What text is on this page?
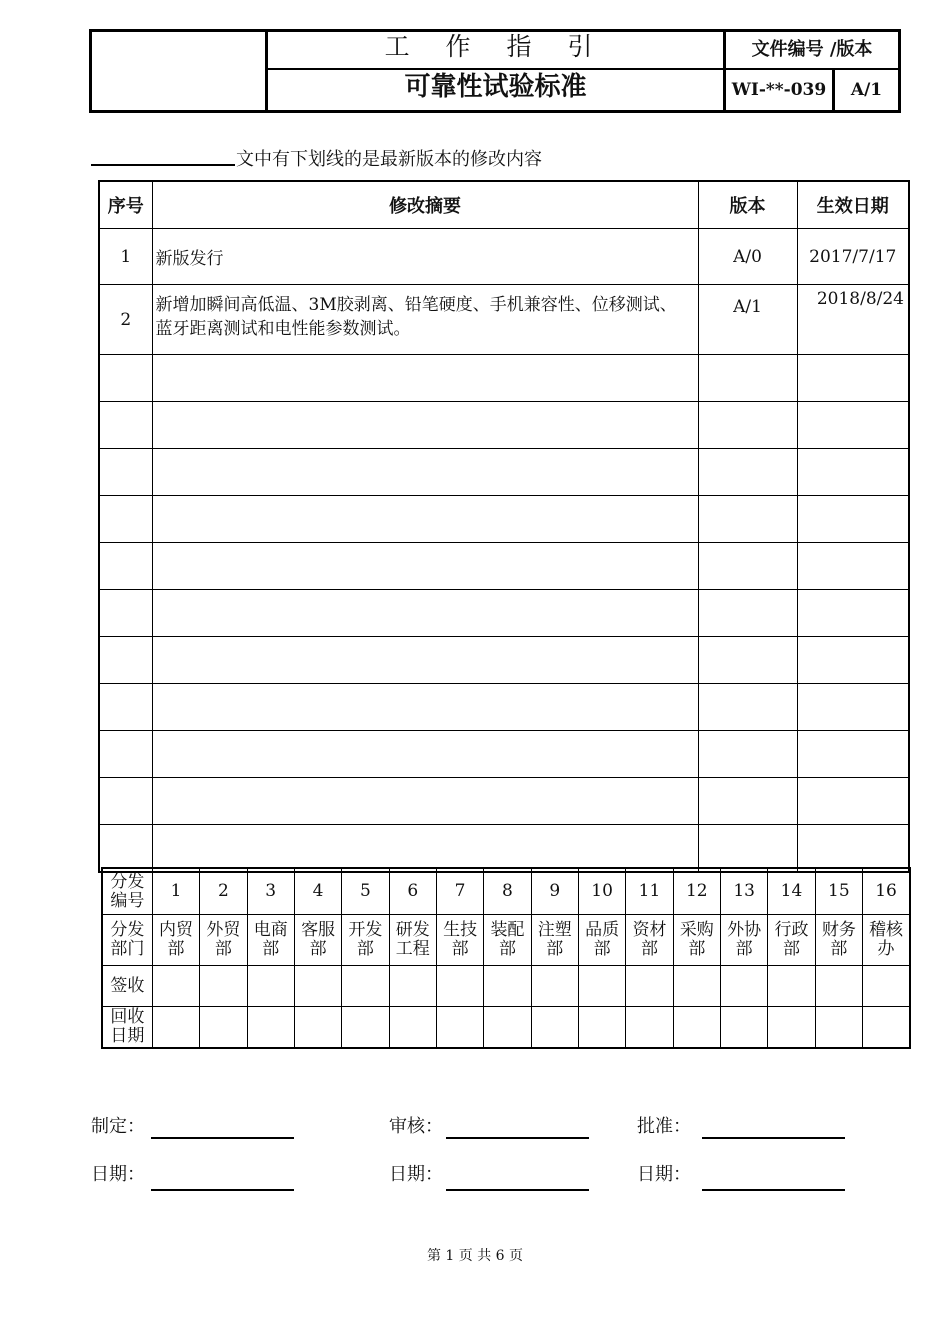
工 作 指 引
可靠性试验标准
文件编号 /版本
WI-**-039	A/1
文中有下划线的是最新版本的修改内容
序号	修改摘要	版本	生效日期
1	新版发行	A/0	2017/7/17
2	新增加瞬间高低温、3M胶剥离、铅笔硬度、手机兼容性、位移测试、蓝牙距离测试和电性能参数测试。	A/1	2018/8/24

分发编号	1	2	3	4	5	6	7	8	9	10	11	12	13	14	15	16
分发部门	内贸部	外贸部	电商部	客服部	开发部	研发工程	生技部	装配部	注塑部	品质部	资材部	采购部	外协部	行政部	财务部	稽核办
签收																
回收日期																
制定：	审核：	批准：
日期：	日期：	日期：
第 1 页 共 6 页
